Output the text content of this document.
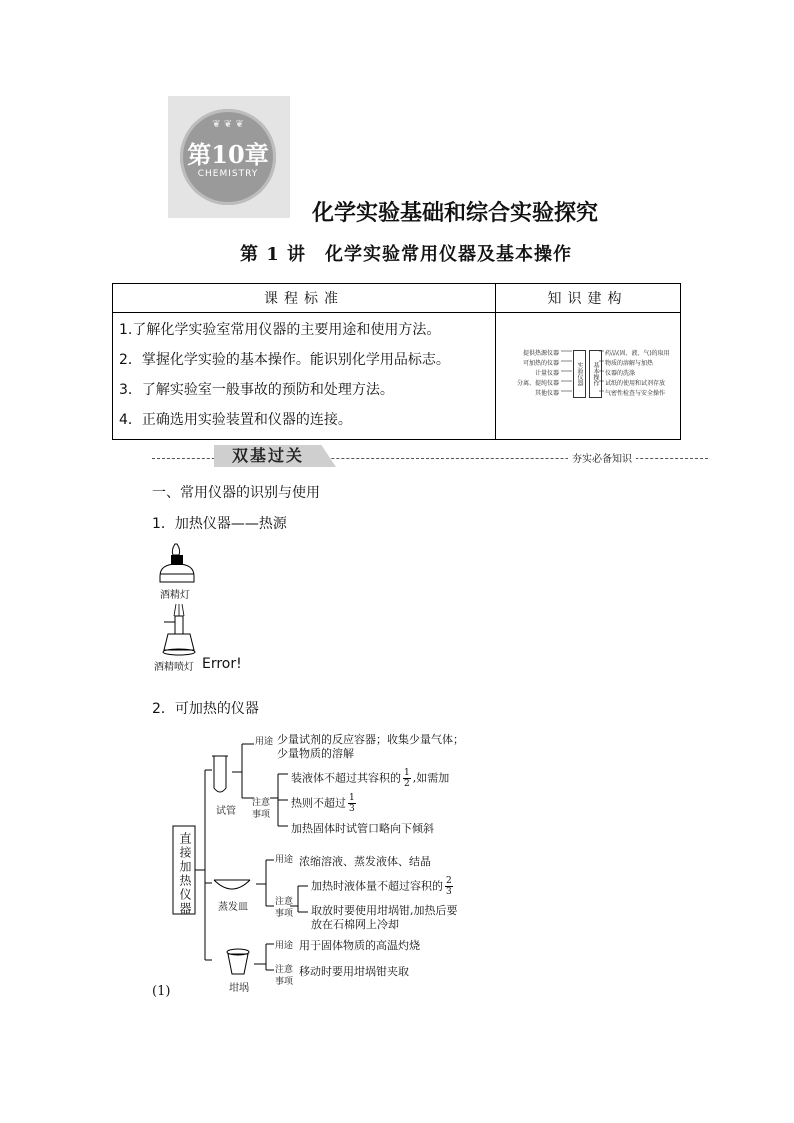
❦ ❦ ❦
第10章
CHEMISTRY
化学实验基础和综合实验探究
第 1 讲　化学实验常用仪器及基本操作
课程标准	知识建构
1.了解化学实验室常用仪器的主要用途和使用方法。
2．掌握化学实验的基本操作。能识别化学用品标志。
3．了解实验室一般事故的预防和处理方法。
4．正确选用实验装置和仪器的连接。
提供热源仪器
可加热的仪器
计量仪器
分离、提纯仪器
其他仪器
实验仪器	基本操作
药品(固、液、气)的取用
物质的溶解与加热
仪器的洗涤
试纸的使用和试剂存放
气密性检查与安全操作
双基过关	夯实必备知识
一、常用仪器的识别与使用
1．加热仪器——热源
酒精灯
酒精喷灯 Error!
2．可加热的仪器
直接加热仪器
试管
用途 少量试剂的反应容器；收集少量气体；
少量物质的溶解
注意
事项
装液体不超过其容积的 $\frac{1}{2}$ ,如需加
热则不超过 $\frac{1}{3}$
加热固体时试管口略向下倾斜
蒸发皿
用途 浓缩溶液、蒸发液体、结晶
注意
事项
加热时液体量不超过容积的 $\frac{2}{3}$
取放时要使用坩埚钳,加热后要
放在石棉网上冷却
坩埚
用途 用于固体物质的高温灼烧
注意
事项
移动时要用坩埚钳夹取
(1)
